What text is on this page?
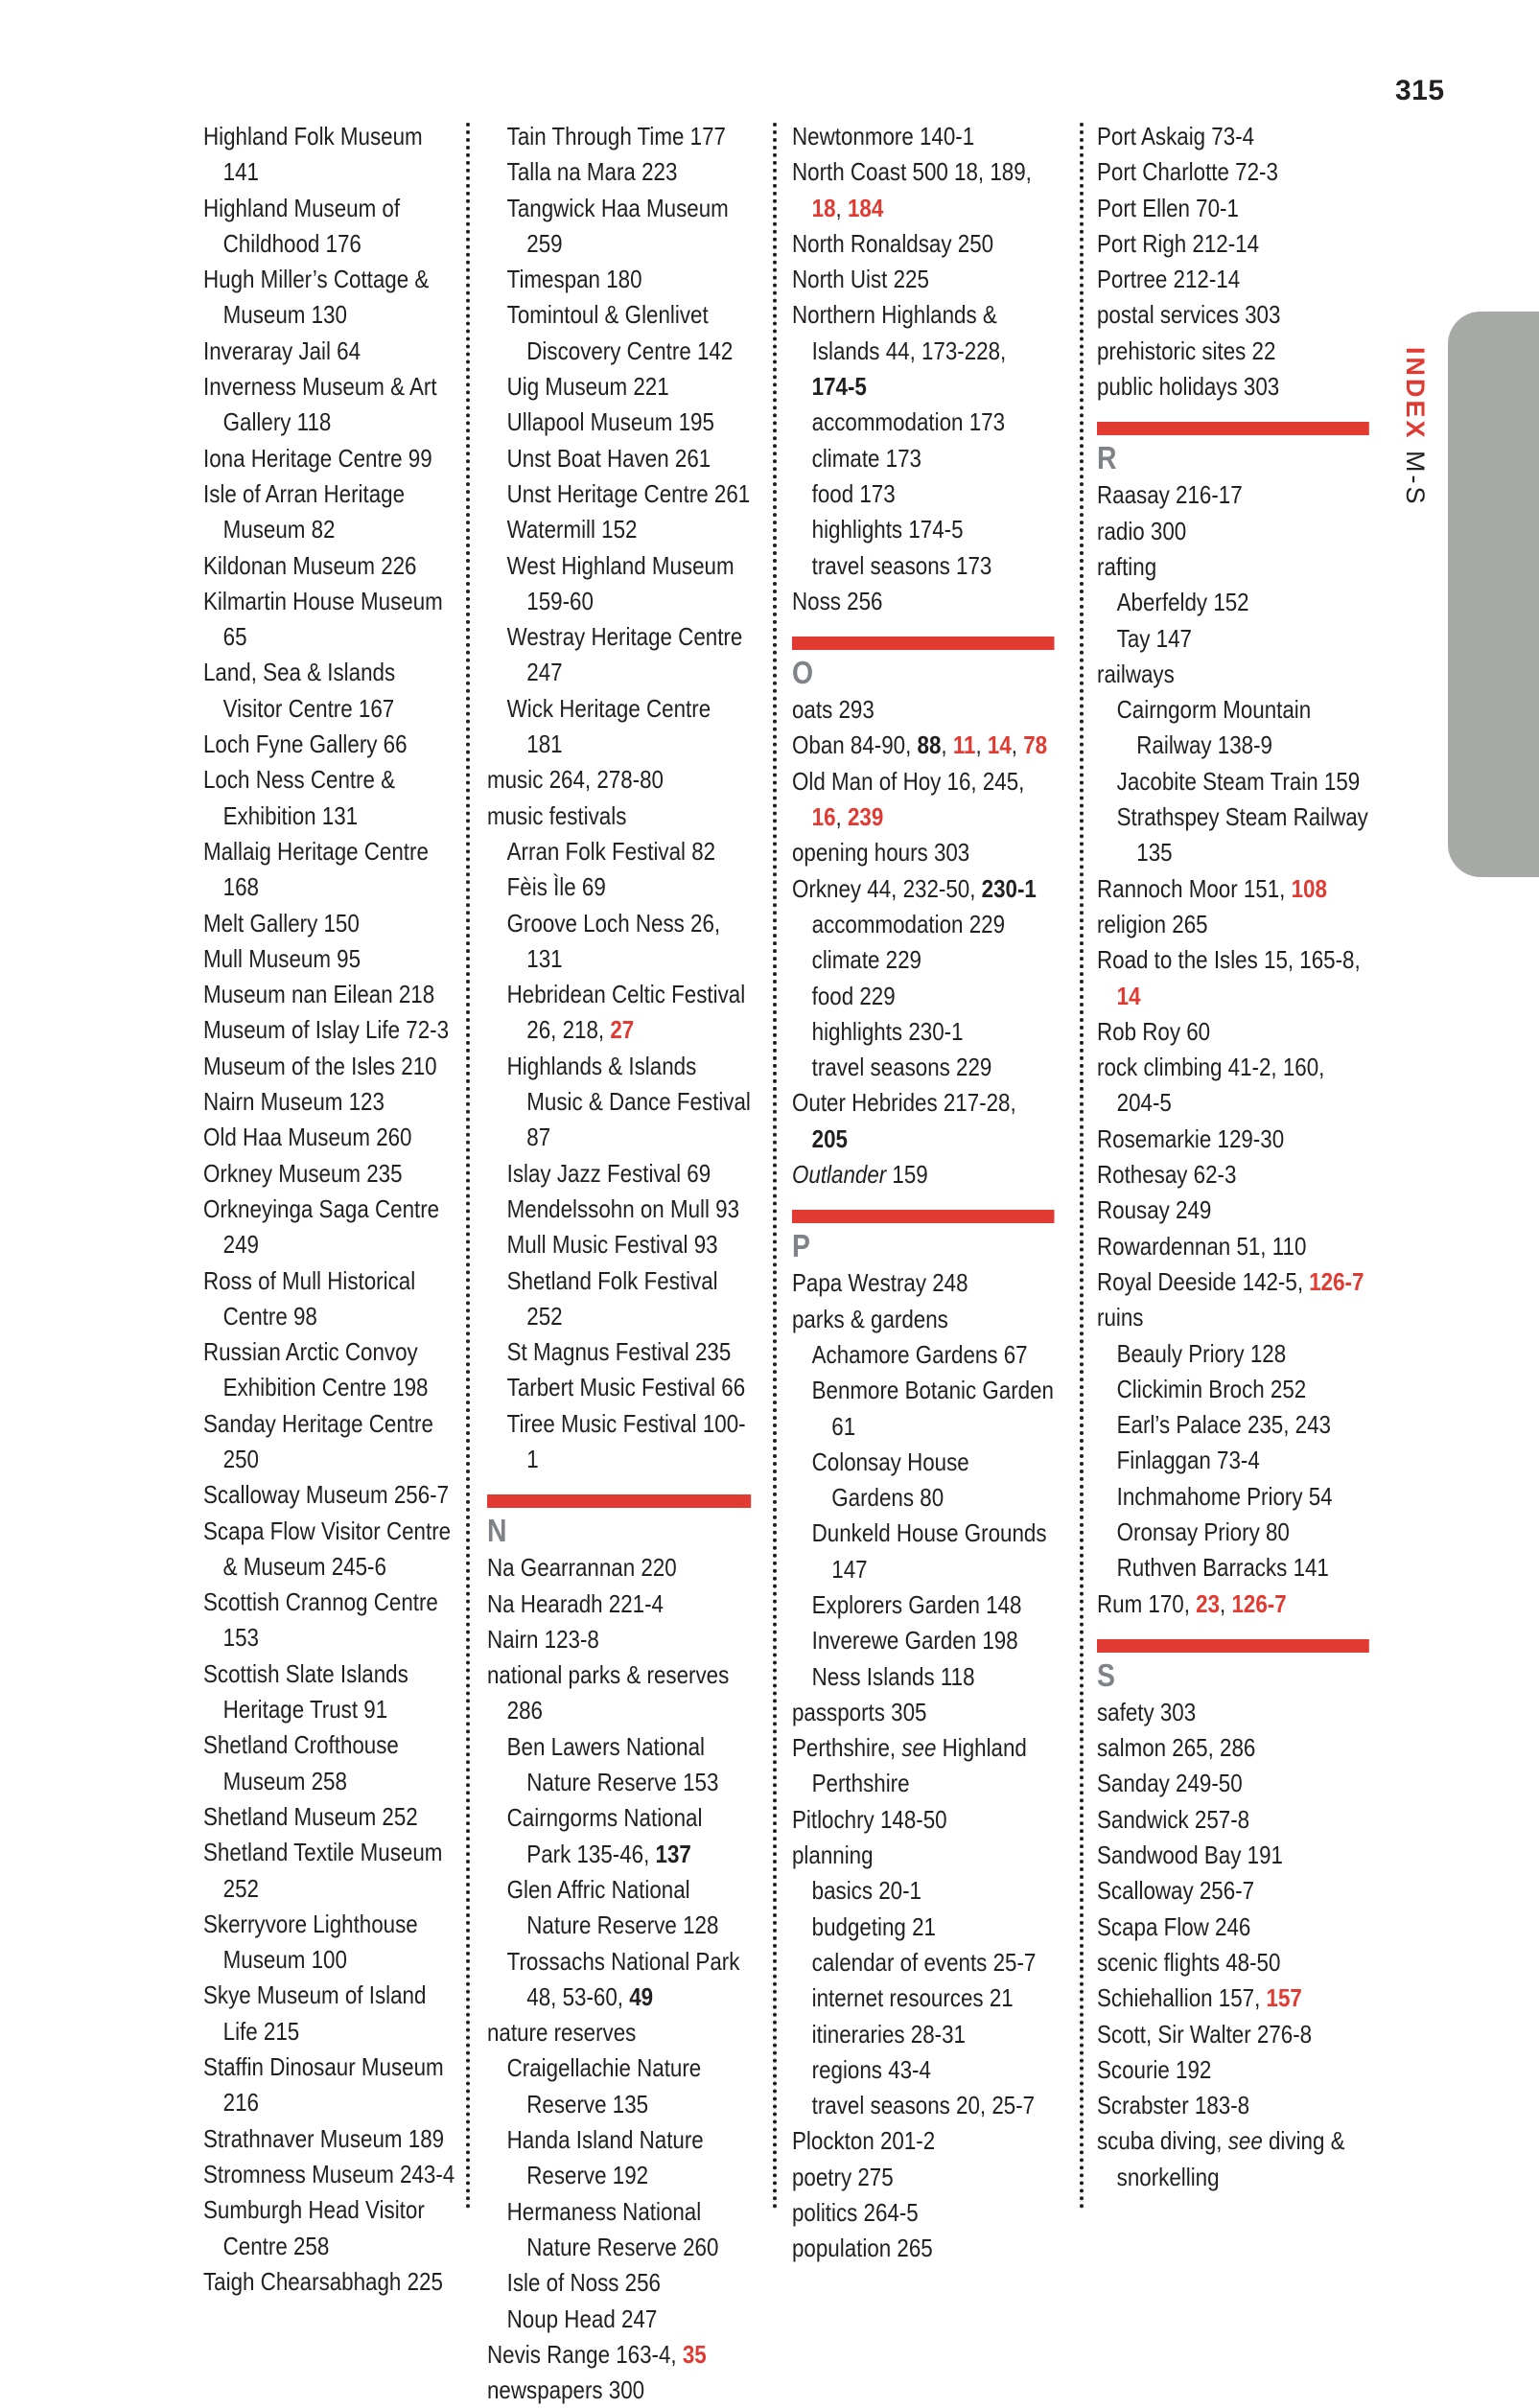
315
INDEX M-S

Highland Folk Museum 141

Highland Museum of Childhood 176

Hugh Miller’s Cottage & Museum 130

Inveraray Jail 64

Inverness Museum & Art Gallery 118

Iona Heritage Centre 99

Isle of Arran Heritage Museum 82

Kildonan Museum 226

Kilmartin House Museum 65

Land, Sea & Islands Visitor Centre 167

Loch Fyne Gallery 66

Loch Ness Centre & Exhibition 131

Mallaig Heritage Centre 168

Melt Gallery 150

Mull Museum 95

Museum nan Eilean 218

Museum of Islay Life 72-3

Museum of the Isles 210

Nairn Museum 123

Old Haa Museum 260

Orkney Museum 235

Orkneyinga Saga Centre 249

Ross of Mull Historical Centre 98

Russian Arctic Convoy Exhibition Centre 198

Sanday Heritage Centre 250

Scalloway Museum 256-7

Scapa Flow Visitor Centre & Museum 245-6

Scottish Crannog Centre 153

Scottish Slate Islands Heritage Trust 91

Shetland Crofthouse Museum 258

Shetland Museum 252

Shetland Textile Museum 252

Skerryvore Lighthouse Museum 100

Skye Museum of Island Life 215

Staffin Dinosaur Museum 216

Strathnaver Museum 189

Stromness Museum 243-4

Sumburgh Head Visitor Centre 258

Taigh Chearsabhagh 225

Tain Through Time 177

Talla na Mara 223

Tangwick Haa Museum 259

Timespan 180

Tomintoul & Glenlivet Discovery Centre 142

Uig Museum 221

Ullapool Museum 195

Unst Boat Haven 261

Unst Heritage Centre 261

Watermill 152

West Highland Museum 159-60

Westray Heritage Centre 247

Wick Heritage Centre 181

music 264, 278-80

music festivals

Arran Folk Festival 82

Fèis Ìle 69

Groove Loch Ness 26, 131

Hebridean Celtic Festival 26, 218, 27

Highlands & Islands Music & Dance Festival 87

Islay Jazz Festival 69

Mendelssohn on Mull 93

Mull Music Festival 93

Shetland Folk Festival 252

St Magnus Festival 235

Tarbert Music Festival 66

Tiree Music Festival 100-1

N

Na Gearrannan 220

Na Hearadh 221-4

Nairn 123-8

national parks & reserves 286

Ben Lawers National Nature Reserve 153

Cairngorms National Park 135-46, 137

Glen Affric National Nature Reserve 128

Trossachs National Park 48, 53-60, 49

nature reserves

Craigellachie Nature Reserve 135

Handa Island Nature Reserve 192

Hermaness National Nature Reserve 260

Isle of Noss 256

Noup Head 247

Nevis Range 163-4, 35

newspapers 300

Newtonmore 140-1

North Coast 500 18, 189, 18, 184

North Ronaldsay 250

North Uist 225

Northern Highlands & Islands 44, 173-228, 174-5

accommodation 173

climate 173

food 173

highlights 174-5

travel seasons 173

Noss 256

O

oats 293

Oban 84-90, 88, 11, 14, 78

Old Man of Hoy 16, 245, 16, 239

opening hours 303

Orkney 44, 232-50, 230-1

accommodation 229

climate 229

food 229

highlights 230-1

travel seasons 229

Outer Hebrides 217-28, 205

Outlander 159

P

Papa Westray 248

parks & gardens

Achamore Gardens 67

Benmore Botanic Garden 61

Colonsay House Gardens 80

Dunkeld House Grounds 147

Explorers Garden 148

Inverewe Garden 198

Ness Islands 118

passports 305

Perthshire, see Highland Perthshire

Pitlochry 148-50

planning

basics 20-1

budgeting 21

calendar of events 25-7

internet resources 21

itineraries 28-31

regions 43-4

travel seasons 20, 25-7

Plockton 201-2

poetry 275

politics 264-5

population 265

Port Askaig 73-4

Port Charlotte 72-3

Port Ellen 70-1

Port Righ 212-14

Portree 212-14

postal services 303

prehistoric sites 22

public holidays 303

R

Raasay 216-17

radio 300

rafting

Aberfeldy 152

Tay 147

railways

Cairngorm Mountain Railway 138-9

Jacobite Steam Train 159

Strathspey Steam Railway 135

Rannoch Moor 151, 108

religion 265

Road to the Isles 15, 165-8, 14

Rob Roy 60

rock climbing 41-2, 160, 204-5

Rosemarkie 129-30

Rothesay 62-3

Rousay 249

Rowardennan 51, 110

Royal Deeside 142-5, 126-7

ruins

Beauly Priory 128

Clickimin Broch 252

Earl’s Palace 235, 243

Finlaggan 73-4

Inchmahome Priory 54

Oronsay Priory 80

Ruthven Barracks 141

Rum 170, 23, 126-7

S

safety 303

salmon 265, 286

Sanday 249-50

Sandwick 257-8

Sandwood Bay 191

Scalloway 256-7

Scapa Flow 246

scenic flights 48-50

Schiehallion 157, 157

Scott, Sir Walter 276-8

Scourie 192

Scrabster 183-8

scuba diving, see diving & snorkelling
